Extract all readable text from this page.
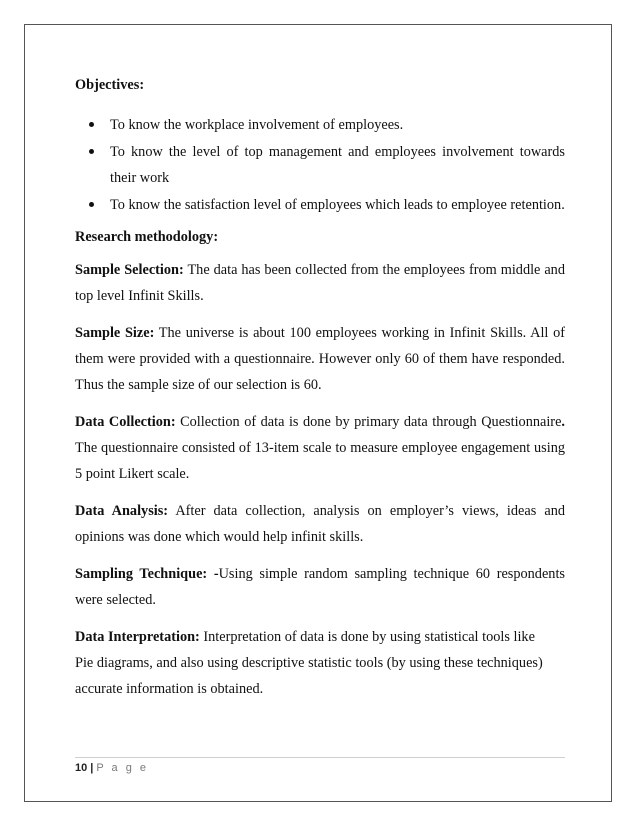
Objectives:

To know the workplace involvement of employees.
To know the level of top management and employees involvement towards their work
To know the satisfaction level of employees which leads to employee retention.

Research methodology:

Sample Selection: The data has been collected from the employees from middle and top level Infinit Skills.

Sample Size: The universe is about 100 employees working in Infinit Skills. All of them were provided with a questionnaire. However only 60 of them have responded. Thus the sample size of our selection is 60.

Data Collection: Collection of data is done by primary data through Questionnaire. The questionnaire consisted of 13-item scale to measure employee engagement using 5 point Likert scale.

Data Analysis: After data collection, analysis on employer’s views, ideas and opinions was done which would help infinit skills.

Sampling Technique: -Using simple random sampling technique 60 respondents were selected.

Data Interpretation: Interpretation of data is done by using statistical tools like
Pie diagrams, and also using descriptive statistic tools (by using these techniques)
accurate information is obtained.

10 | P a g e
